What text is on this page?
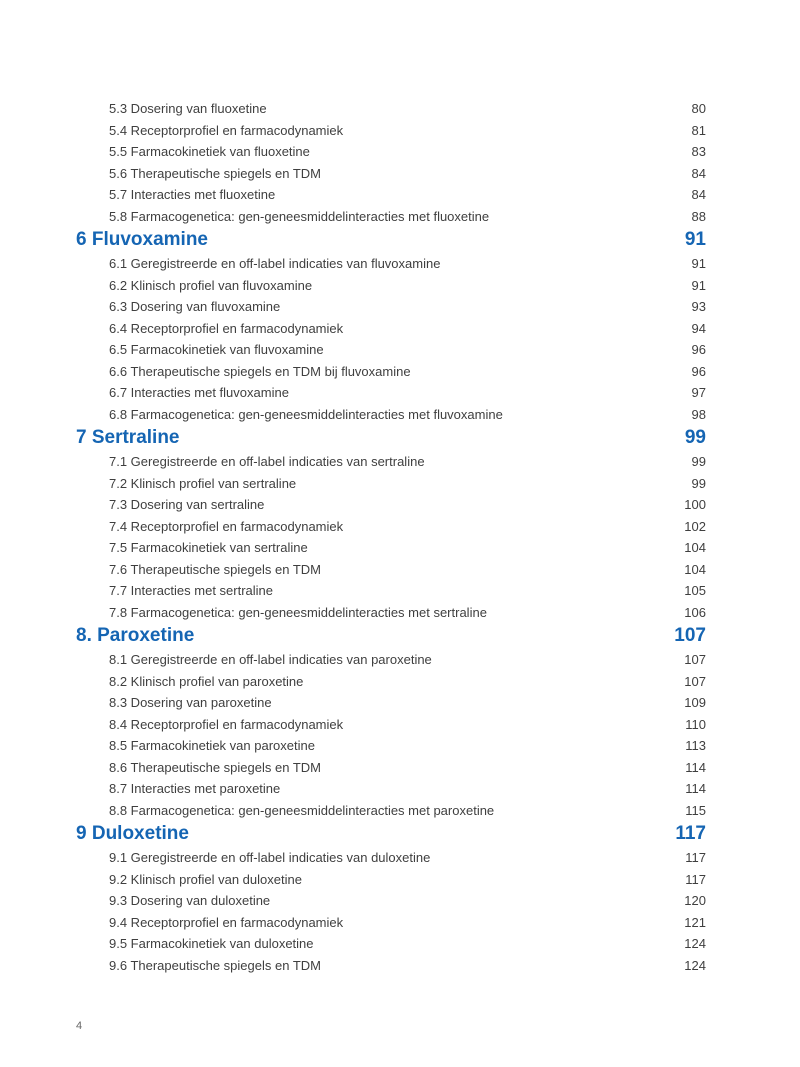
5.3 Dosering van fluoxetine	80
5.4 Receptorprofiel en farmacodynamiek	81
5.5 Farmacokinetiek van fluoxetine	83
5.6 Therapeutische spiegels en TDM	84
5.7 Interacties met fluoxetine	84
5.8 Farmacogenetica: gen-geneesmiddelinteracties met fluoxetine	88
6 Fluvoxamine	91
6.1 Geregistreerde en off-label indicaties van fluvoxamine	91
6.2 Klinisch profiel van fluvoxamine	91
6.3 Dosering van fluvoxamine	93
6.4 Receptorprofiel en farmacodynamiek	94
6.5 Farmacokinetiek van fluvoxamine	96
6.6 Therapeutische spiegels en TDM bij fluvoxamine	96
6.7 Interacties met fluvoxamine	97
6.8 Farmacogenetica: gen-geneesmiddelinteracties met fluvoxamine	98
7 Sertraline	99
7.1 Geregistreerde en off-label indicaties van sertraline	99
7.2 Klinisch profiel van sertraline	99
7.3 Dosering van sertraline	100
7.4 Receptorprofiel en farmacodynamiek	102
7.5 Farmacokinetiek van sertraline	104
7.6 Therapeutische spiegels en TDM	104
7.7 Interacties met sertraline	105
7.8 Farmacogenetica: gen-geneesmiddelinteracties met sertraline	106
8. Paroxetine	107
8.1 Geregistreerde en off-label indicaties van paroxetine	107
8.2 Klinisch profiel van paroxetine	107
8.3 Dosering van paroxetine	109
8.4 Receptorprofiel en farmacodynamiek	110
8.5 Farmacokinetiek van paroxetine	113
8.6 Therapeutische spiegels en TDM	114
8.7 Interacties met paroxetine	114
8.8 Farmacogenetica: gen-geneesmiddelinteracties met paroxetine	115
9 Duloxetine	117
9.1 Geregistreerde en off-label indicaties van duloxetine	117
9.2 Klinisch profiel van duloxetine	117
9.3 Dosering van duloxetine	120
9.4 Receptorprofiel en farmacodynamiek	121
9.5 Farmacokinetiek van duloxetine	124
9.6 Therapeutische spiegels en TDM	124
4
